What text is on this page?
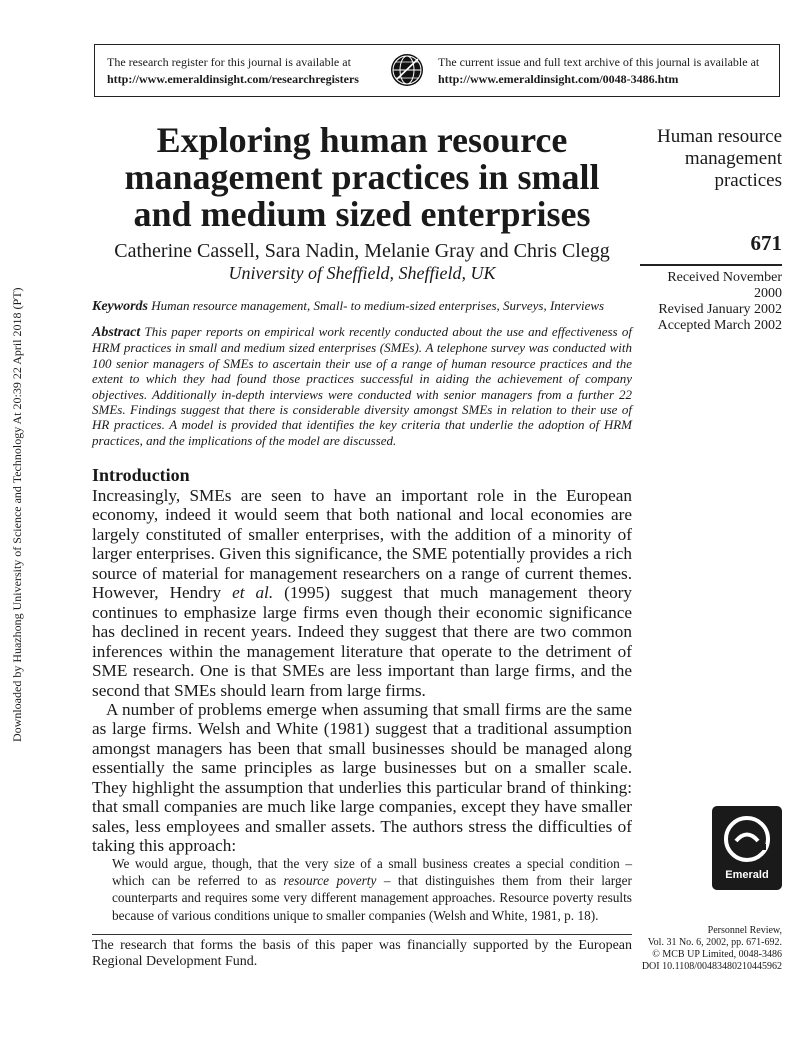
The research register for this journal is available at
http://www.emeraldinsight.com/researchregisters
The current issue and full text archive of this journal is available at
http://www.emeraldinsight.com/0048-3486.htm
Downloaded by Huazhong University of Science and Technology At 20:39 22 April 2018 (PT)
Exploring human resource
management practices in small
and medium sized enterprises
Catherine Cassell, Sara Nadin, Melanie Gray and Chris Clegg
University of Sheffield, Sheffield, UK
Human resource
management
practices
671
Received November 2000
Revised January 2002
Accepted March 2002
Keywords Human resource management, Small- to medium-sized enterprises, Surveys, Interviews
Abstract This paper reports on empirical work recently conducted about the use and effectiveness of HRM practices in small and medium sized enterprises (SMEs). A telephone survey was conducted with 100 senior managers of SMEs to ascertain their use of a range of human resource practices and the extent to which they had found those practices successful in aiding the achievement of company objectives. Additionally in-depth interviews were conducted with senior managers from a further 22 SMEs. Findings suggest that there is considerable diversity amongst SMEs in relation to their use of HR practices. A model is provided that identifies the key criteria that underlie the adoption of HRM practices, and the implications of the model are discussed.
Introduction

Increasingly, SMEs are seen to have an important role in the European economy, indeed it would seem that both national and local economies are largely constituted of smaller enterprises, with the addition of a minority of larger enterprises. Given this significance, the SME potentially provides a rich source of material for management researchers on a range of current themes. However, Hendry et al. (1995) suggest that much management theory continues to emphasize large firms even though their economic significance has declined in recent years. Indeed they suggest that there are two common inferences within the management literature that operate to the detriment of SME research. One is that SMEs are less important than large firms, and the second that SMEs should learn from large firms.

A number of problems emerge when assuming that small firms are the same as large firms. Welsh and White (1981) suggest that a traditional assumption amongst managers has been that small businesses should be managed along essentially the same principles as large businesses but on a smaller scale. They highlight the assumption that underlies this particular brand of thinking: that small companies are much like large companies, except they have smaller sales, less employees and smaller assets. The authors stress the difficulties of taking this approach:

We would argue, though, that the very size of a small business creates a special condition – which can be referred to as resource poverty – that distinguishes them from their larger counterparts and requires some very different management approaches. Resource poverty results because of various conditions unique to smaller companies (Welsh and White, 1981, p. 18).
The research that forms the basis of this paper was financially supported by the European Regional Development Fund.
Emerald
Personnel Review,
Vol. 31 No. 6, 2002, pp. 671-692.
© MCB UP Limited, 0048-3486
DOI 10.1108/00483480210445962
